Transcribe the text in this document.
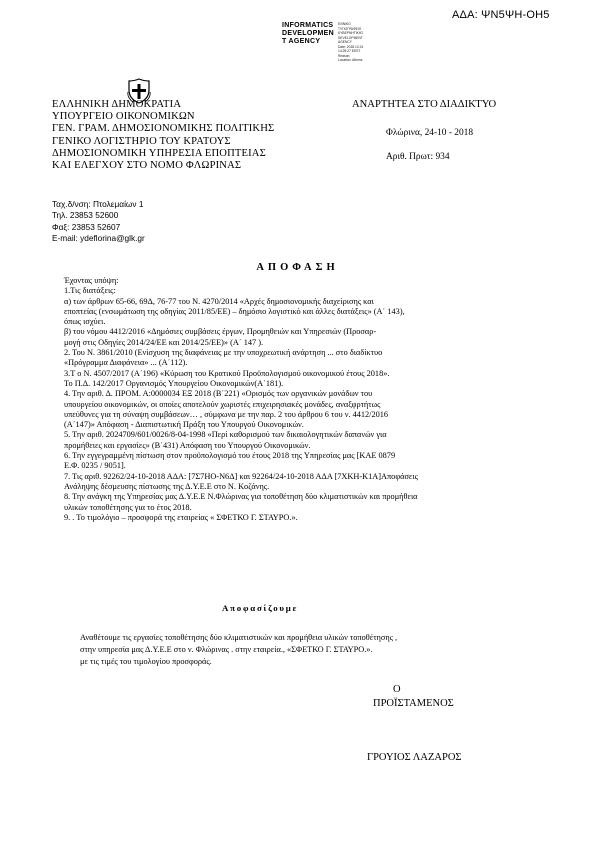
ΑΔΑ: ΨΝ5ΨΗ-ΟΗ5
INFORMATICS
DEVELOPMEN
T AGENCY
ΕΘΝΙΚΟ ΤΥΠΟΓΡΑΦΕΙΟ
ΚΥΒΕΡΝΗΤΙΚΗΣ
DEVELOPMENT AGENCY
Date: 2018.10.24 14:25:27 EEST
Reason:
Location: Athens
ΕΛΛΗΝΙΚΗ ΔΗΜΟΚΡΑΤΙΑ
ΥΠΟΥΡΓΕΙΟ ΟΙΚΟΝΟΜΙΚΩΝ
ΓΕΝ. ΓΡΑΜ. ΔΗΜΟΣΙΟΝΟΜΙΚΗΣ ΠΟΛΙΤΙΚΗΣ
ΓΕΝΙΚΟ ΛΟΓΙΣΤΗΡΙΟ ΤΟΥ ΚΡΑΤΟΥΣ
ΔΗΜΟΣΙΟΝΟΜΙΚΗ ΥΠΗΡΕΣΙΑ ΕΠΟΠΤΕΙΑΣ
ΚΑΙ ΕΛΕΓΧΟΥ ΣΤΟ ΝΟΜΟ ΦΛΩΡΙΝΑΣ
ΑΝΑΡΤΗΤΕΑ ΣΤΟ ΔΙΑΔΙΚΤΥΟ
Φλώρινα, 24-10 - 2018
Αριθ. Πρωτ: 934
Ταχ.δ/νση: Πτολεμαίων 1
Τηλ. 23853 52600
Φαξ: 23853 52607
E-mail: ydeflorina@glk.gr
ΑΠΟΦΑΣΗ

Έχοντας υπόψη:

1.Τις διατάξεις:

α) των άρθρων 65-66, 69Δ, 76-77 του Ν. 4270/2014 «Αρχές δημοσιονομικής διαχείρισης και

εποπτείας (ενσωμάτωση της οδηγίας 2011/85/ΕΕ) – δημόσιο λογιστικό και άλλες διατάξεις» (Α΄ 143),

όπως ισχύει.

β) του νόμου 4412/2016 «Δημόσιες συμβάσεις έργων, Προμηθειών και Υπηρεσιών (Προσαρ-

μογή στις Οδηγίες 2014/24/ΕΕ και 2014/25/ΕΕ)» (Α΄ 147 ).

2. Του Ν. 3861/2010 (Ενίσχυση της διαφάνειας με την υποχρεωτική ανάρτηση ... στο διαδίκτυο

«Πρόγραμμα Διαφάνεια» ... (Α΄112).

3.Τ ο Ν. 4507/2017 (Α΄196) «Κύρωση του Κρατικού Προϋπολογισμού οικονομικού έτους 2018».

Το Π.Δ. 142/2017 Οργανισμός Υπουργείου Οικονομικών(Α΄181).

4. Την αριθ. Δ. ΠΡΟΜ. Α:0000034 ΕΞ 2018 (Β΄221) «Ορισμός των οργανικών μονάδων του

υπουργείου οικονομικών, οι οποίες αποτελούν χωριστές επιχειρησιακές μονάδες, αναξφρτήτως

υπεύθυνες για τη σύναψη συμβάσεων… , σύμφωνα με την παρ. 2 του άρθρου 6 του ν. 4412/2016

(Α΄147)» Απόφαση - Διαπιστωτική Πράξη του Υπουργού Οικονομικών.

5. Την αριθ. 2024709/601/0026/8-04-1998 «Περί καθορισμού των δικαιολογητικών δαπανών για

προμήθειες και εργασίες» (Β΄431) Απόφαση του Υπουργού Οικονομικών.

6. Την εγγεγραμμένη πίστωση στον προϋπολογισμό του έτους 2018 της Υπηρεσίας μας [ΚΑΕ 0879

Ε.Φ. 0235 / 9051].

7. Τις αριθ. 92262/24-10-2018 ΑΔΑ: [7Σ7ΗΟ-Ν6Δ] και 92264/24-10-2018 ΑΔΑ [7ΧΚΗ-Κ1Α]Αποφάσεις

Ανάληψης δέσμευσης πίστωσης της Δ.Υ.Ε.Ε στο Ν. Κοζάνης.

8. Την ανάγκη της Υπηρεσίας μας Δ.Υ.Ε.Ε Ν.Φλώρινας για τοποθέτηση δύο κλιματιστικών και προμήθεια

υλικών τοποθέτησης για το έτος 2018.

9. . Το τιμολόγιο – προσφορά της εταιρείας « ΣΦΕΤΚΟ Γ. ΣΤΑΥΡΟ.».

Αποφασίζουμε

Αναθέτουμε τις εργασίες τοποθέτησης δύο κλιματιστικών και προμήθεια υλικών τοποθέτησης ,

στην υπηρεσία μας Δ.Υ.Ε.Ε στο ν. Φλώρινας . στην εταιρεία., «ΣΦΕΤΚΟ Γ. ΣΤΑΥΡΟ.».

με τις τιμές του τιμολογίου προσφοράς.

Ο
ΠΡΟΪΣΤΑΜΕΝΟΣ
ΓΡΟΥΙΟΣ ΛΑΖΑΡΟΣ
